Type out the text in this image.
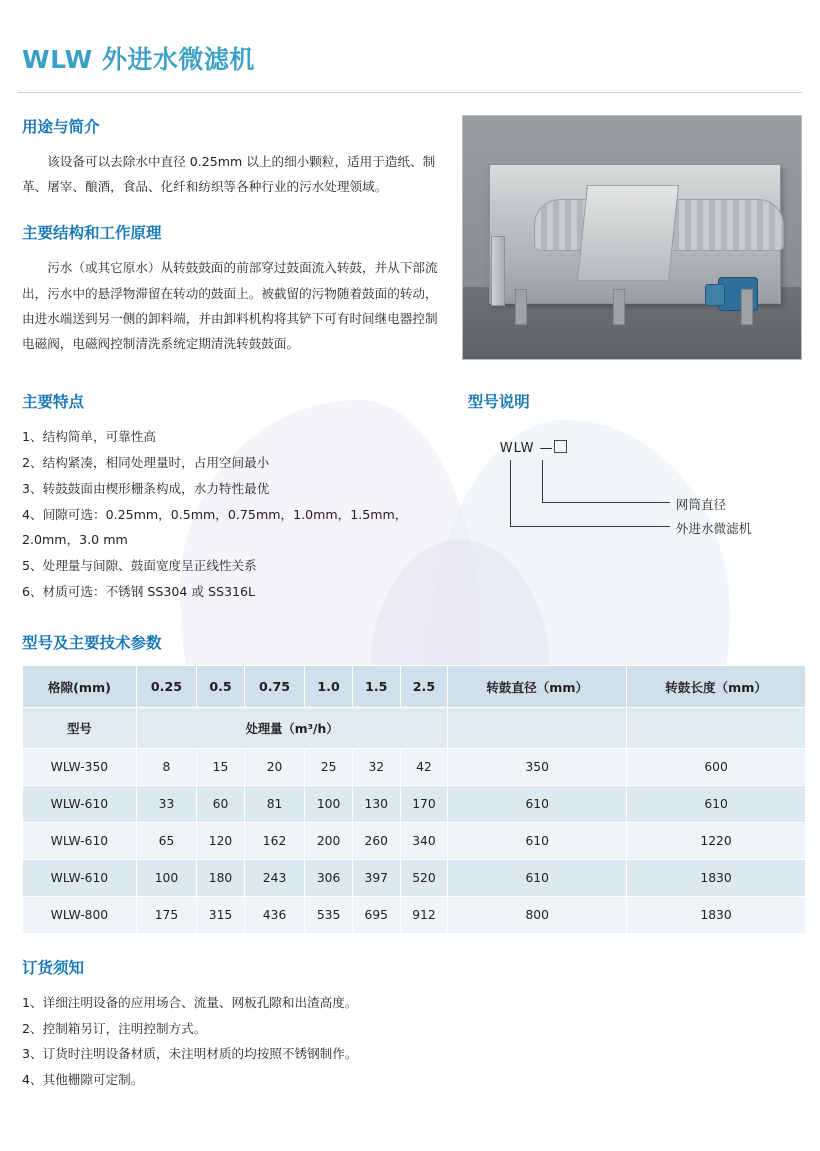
WLW 外进水微滤机
用途与简介

该设备可以去除水中直径 0.25mm 以上的细小颗粒，适用于造纸、制革、屠宰、酿酒，食品、化纤和纺织等各种行业的污水处理领域。

主要结构和工作原理

污水（或其它原水）从转鼓鼓面的前部穿过鼓面流入转鼓，并从下部流出，污水中的悬浮物滞留在转动的鼓面上。被截留的污物随着鼓面的转动，由进水端送到另一侧的卸料端，并由卸料机构将其铲下可有时间继电器控制电磁阀，电磁阀控制清洗系统定期清洗转鼓鼓面。

主要特点
1、结构简单，可靠性高
2、结构紧凑，相同处理量时，占用空间最小
3、转鼓鼓面由楔形栅条构成，水力特性最优
4、间隙可选：0.25mm，0.5mm，0.75mm，1.0mm，1.5mm，2.0mm，3.0 mm
5、处理量与间隙、鼓面宽度呈正线性关系
6、材质可选：不锈钢 SS304 或 SS316L
型号说明
WLW —
网筒直径
外进水微滤机
型号及主要技术参数
格隙(mm)	0.25	0.5	0.75	1.0	1.5	2.5	转鼓直径（mm）	转鼓长度（mm）
型号	处理量（m³/h）							
WLW-350	8	15	20	25	32	42	350	600
WLW-610	33	60	81	100	130	170	610	610
WLW-610	65	120	162	200	260	340	610	1220
WLW-610	100	180	243	306	397	520	610	1830
WLW-800	175	315	436	535	695	912	800	1830
订货须知
1、详细注明设备的应用场合、流量、网板孔隙和出渣高度。
2、控制箱另订，注明控制方式。
3、订货时注明设备材质，未注明材质的均按照不锈钢制作。
4、其他栅隙可定制。
